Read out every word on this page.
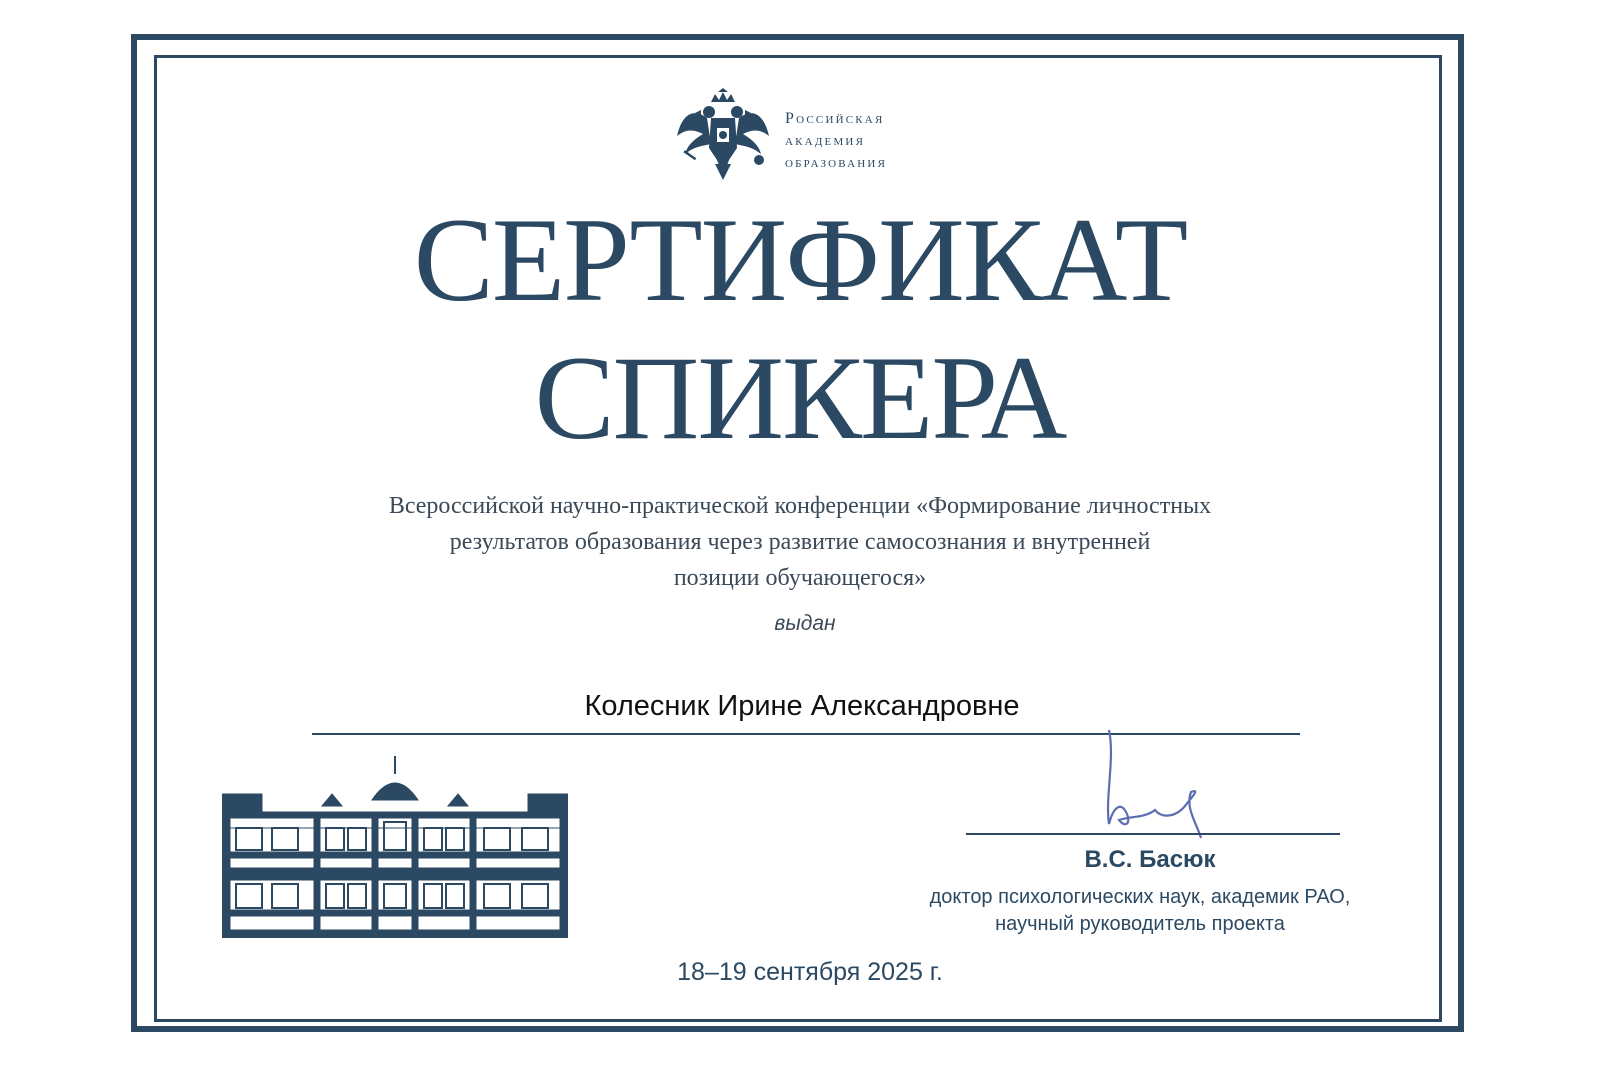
Российская
академия
образования
СЕРТИФИКАТ
СПИКЕРА
Всероссийской научно-практической конференции «Формирование личностных
результатов образования через развитие самосознания и внутренней
позиции обучающегося»
выдан
Колесник Ирине Александровне
В.С. Басюк
доктор психологических наук, академик РАО,
научный руководитель проекта
18–19 сентября 2025 г.
